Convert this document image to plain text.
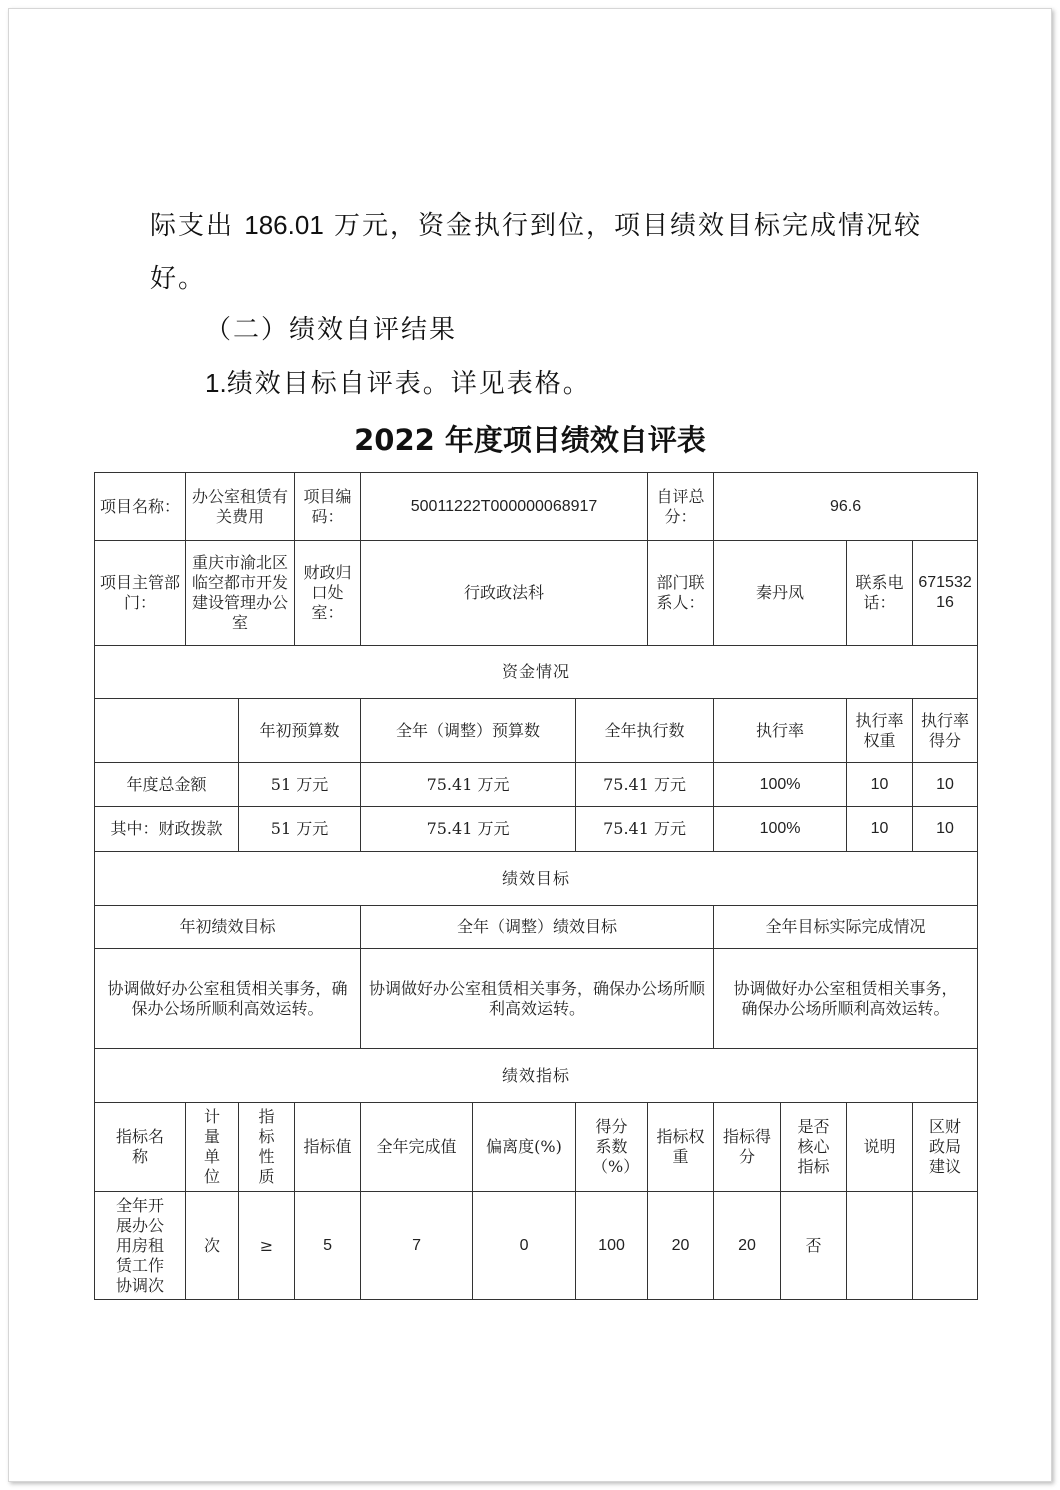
际支出 186.01 万元，资金执行到位，项目绩效目标完成情况较
好。
（二）绩效自评结果
1.绩效目标自评表。详见表格。
2022 年度项目绩效自评表
项目名称：	办公室租赁有关费用		项目编码：	50011222T000000068917			自评总分：	96.6			
项目主管部门：	重庆市渝北区临空都市开发建设管理办公室		财政归口处室：	行政政法科			部门联系人：	秦丹凤		联系电话：	67153216
资金情况											
		年初预算数		全年（调整）预算数		全年执行数		执行率		执行率权重	执行率得分
年度总金额		51 万元		75.41 万元		75.41 万元		100%		10	10
其中：财政拨款		51 万元		75.41 万元		75.41 万元		100%		10	10
绩效目标											
年初绩效目标				全年（调整）绩效目标				全年目标实际完成情况			
协调做好办公室租赁相关事务，确保办公场所顺利高效运转。				协调做好办公室租赁相关事务，确保办公场所顺利高效运转。				协调做好办公室租赁相关事务，确保办公场所顺利高效运转。			
绩效指标											
指标名称	计量单位	指标性质	指标值	全年完成值	偏离度(%)	得分系数（%）	指标权重	指标得分	是否核心指标	说明	区财政局建议
全年开展办公用房租赁工作协调次	次	≥	5	7	0	100	20	20	否		
